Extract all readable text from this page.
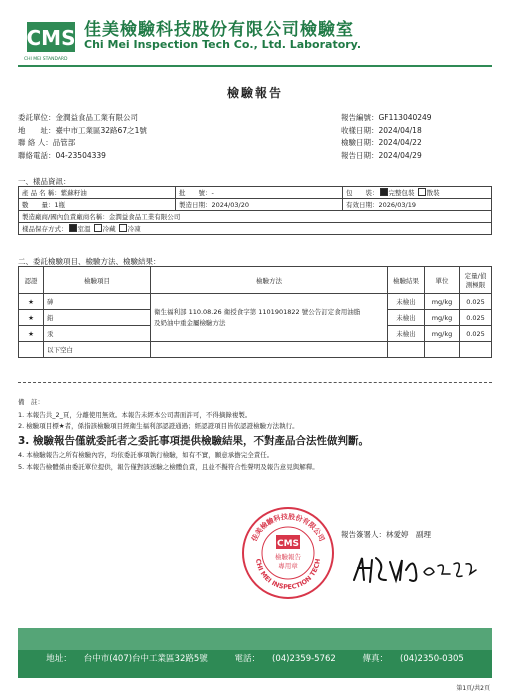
CMS
CHI MEI STANDARD
佳美檢驗科技股份有限公司檢驗室
Chi Mei Inspection Tech Co., Ltd. Laboratory.
檢驗報告
委託單位：金潤益食品工業有限公司
地　　址：臺中市工業區32路67之1號
聯 絡 人：品管部
聯絡電話：04-23504339
報告編號：GF113040249
收樣日期：2024/04/18
檢驗日期：2024/04/22
報告日期：2024/04/29
一、樣品資訊：
產 品 名 稱：紫蘇籽油	批　　號：-	包　　裝： 完整包裝 散裝
數　　量：1瓶	製造日期：2024/03/20	有效日期：2026/03/19
製造廠商/國內負責廠商名稱：金潤益食品工業有限公司		
樣品保存方式： 室溫 冷藏 冷凍		
二、委託檢驗項目、檢驗方法、檢驗結果：
認證	檢驗項目	檢驗方法	檢驗結果	單位	定量/偵測極限
★	砷	衛生福利部 110.08.26 衛授食字第 1101901822 號公告訂定食用油脂
及奶油中重金屬檢驗方法	未檢出	mg/kg	0.025
★	鉛		未檢出	mg/kg	0.025
★	汞		未檢出	mg/kg	0.025
	以下空白				
備　註：
1. 本報告共_2_頁，分離使用無效。本報告未經本公司書面許可，不得摘錄複製。
2. 檢驗項目標★者，係指該檢驗項目經衛生福利部認證通過；經認證項目皆依認證檢驗方法執行。
3. 檢驗報告僅就委託者之委託事項提供檢驗結果，不對產品合法性做判斷。
4. 本檢驗報告之所有檢驗內容，均依委託事項執行檢驗，如有不實，願意承擔完全責任。
5. 本報告檢體係由委託單位提供，報告僅對該送驗之檢體負責，且並不擬符合性聲明及報告意見與解釋。
佳美檢驗科技股份有限公司
CHI MEI INSPECTION TECH
CMS
檢驗報告
專用章
報告簽署人：林愛婷　副理
地址： 台中市(407)台中工業區32路5號	電話： (04)2359-5762	傳真： (04)2350-0305
第1頁/共2頁
